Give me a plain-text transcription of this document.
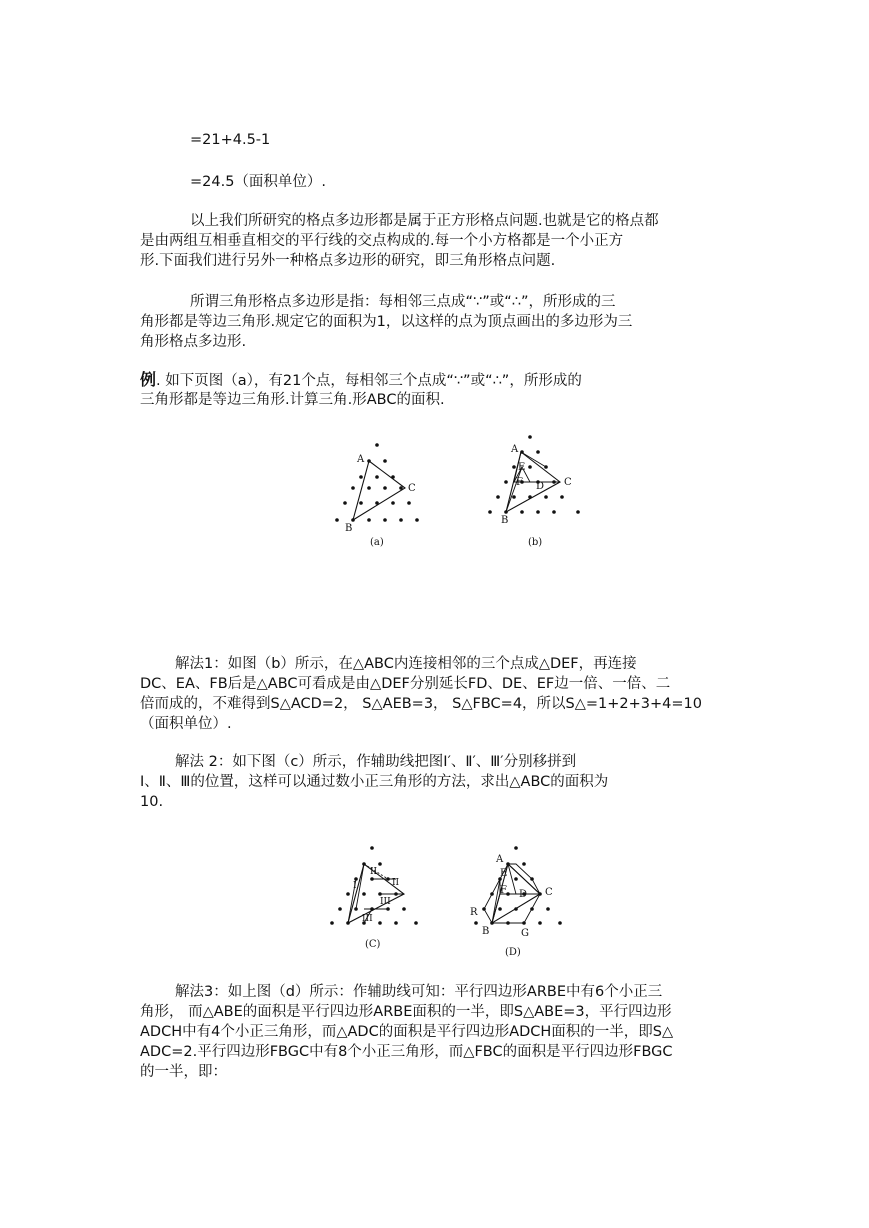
=21+4.5-1
=24.5（面积单位）.
以上我们所研究的格点多边形都是属于正方形格点问题.也就是它的格点都
是由两组互相垂直相交的平行线的交点构成的.每一个小方格都是一个小正方
形.下面我们进行另外一种格点多边形的研究，即三角形格点问题.
所谓三角形格点多边形是指：每相邻三点成“∵”或“∴”，所形成的三
角形都是等边三角形.规定它的面积为1，以这样的点为顶点画出的多边形为三
角形格点多边形.
例. 如下页图（a），有21个点，每相邻三个点成“∵”或“∴”，所形成的
三角形都是等边三角形.计算三角.形ABC的面积.
A
C
B
(a)
A
E
F D C
B
(b)
解法1：如图（b）所示，在△ABC内连接相邻的三个点成△DEF，再连接
DC、EA、FB后是△ABC可看成是由△DEF分别延长FD、DE、EF边一倍、一倍、二
倍而成的，不难得到S△ACD=2， S△AEB=3， S△FBC=4，所以S△=1+2+3+4=10
（面积单位）.
解法 2：如下图（c）所示，作辅助线把图Ⅰ′、Ⅱ′、Ⅲ′分别移拼到
Ⅰ、Ⅱ、Ⅲ的位置，这样可以通过数小正三角形的方法，求出△ABC的面积为
10.
I
II
II
III
III
(C)
A
E
F D C
R
B	G
(D)
解法3：如上图（d）所示：作辅助线可知：平行四边形ARBE中有6个小正三
角形， 而△ABE的面积是平行四边形ARBE面积的一半，即S△ABE=3，平行四边形
ADCH中有4个小正三角形，而△ADC的面积是平行四边形ADCH面积的一半，即S△
ADC=2.平行四边形FBGC中有8个小正三角形，而△FBC的面积是平行四边形FBGC
的一半，即：
